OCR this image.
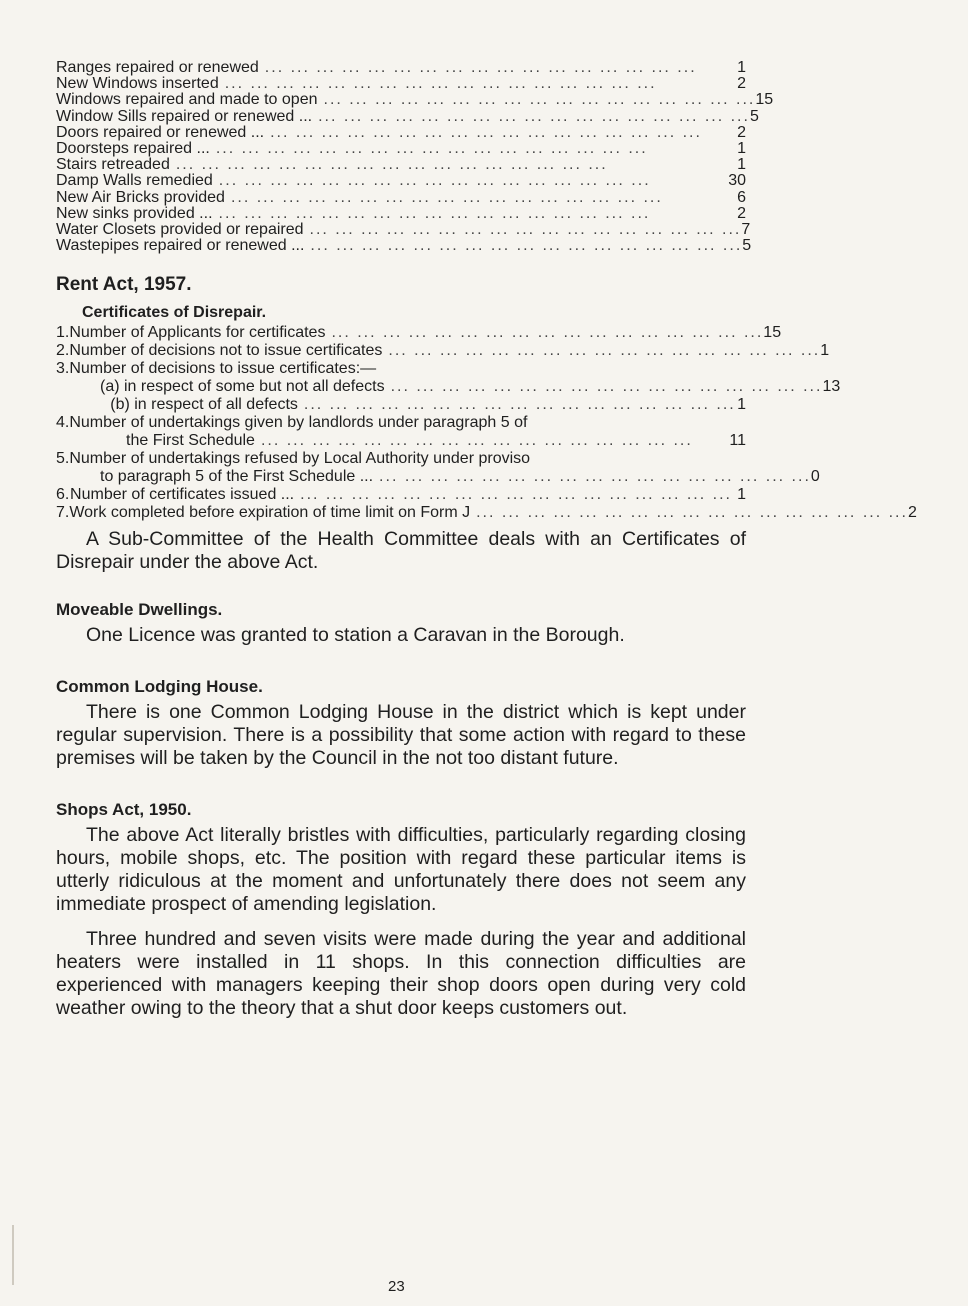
Ranges repaired or renewed ... ... ... ... ... ... ... ... ... ... ... ... ... ... ... ... ...	1
New Windows inserted ... ... ... ... ... ... ... ... ... ... ... ... ... ... ... ... ...	2
Windows repaired and made to open ... ... ... ... ... ... ... ... ... ... ... ... ... ... ... ... ... 15
Window Sills repaired or renewed ... ... ... ... ... ... ... ... ... ... ... ... ... ... ... ... ... ... 5
Doors repaired or renewed ... ... ... ... ... ... ... ... ... ... ... ... ... ... ... ... ... ...	2
Doorsteps repaired ... ... ... ... ... ... ... ... ... ... ... ... ... ... ... ... ... ...	1
Stairs retreaded ... ... ... ... ... ... ... ... ... ... ... ... ... ... ... ... ...	1
Damp Walls remedied ... ... ... ... ... ... ... ... ... ... ... ... ... ... ... ... ...	30
New Air Bricks provided ... ... ... ... ... ... ... ... ... ... ... ... ... ... ... ... ...	6
New sinks provided ... ... ... ... ... ... ... ... ... ... ... ... ... ... ... ... ... ...	2
Water Closets provided or repaired ... ... ... ... ... ... ... ... ... ... ... ... ... ... ... ... ... 7
Wastepipes repaired or renewed ... ... ... ... ... ... ... ... ... ... ... ... ... ... ... ... ... ... 5
Rent Act, 1957.
Certificates of Disrepair.
1. Number of Applicants for certificates ... ... ... ... ... ... ... ... ... ... ... ... ... ... ... ... ... 15
2. Number of decisions not to issue certificates ... ... ... ... ... ... ... ... ... ... ... ... ... ... ... ... ... 1
3. Number of decisions to issue certificates:—
(a) in respect of some but not all defects ... ... ... ... ... ... ... ... ... ... ... ... ... ... ... ... ... 13
(b) in respect of all defects ... ... ... ... ... ... ... ... ... ... ... ... ... ... ... ... ... 1
4. Number of undertakings given by landlords under paragraph 5 of
the First Schedule ... ... ... ... ... ... ... ... ... ... ... ... ... ... ... ... ...	11
5. Number of undertakings refused by Local Authority under proviso
to paragraph 5 of the First Schedule ... ... ... ... ... ... ... ... ... ... ... ... ... ... ... ... ... ... 0
6. Number of certificates issued ... ... ... ... ... ... ... ... ... ... ... ... ... ... ... ... ... ... 1
7. Work completed before expiration of time limit on Form J ... ... ... ... ... ... ... ... ... ... ... ... ... ... ... ... ... 2

A Sub-Committee of the Health Committee deals with an Certificates of Disrepair under the above Act.

Moveable Dwellings.

One Licence was granted to station a Caravan in the Borough.

Common Lodging House.

There is one Common Lodging House in the district which is kept under regular supervision. There is a possibility that some action with regard to these premises will be taken by the Council in the not too distant future.

Shops Act, 1950.

The above Act literally bristles with difficulties, particularly regarding closing hours, mobile shops, etc. The position with regard these particular items is utterly ridiculous at the moment and unfortunately there does not seem any immediate prospect of amending legislation.

Three hundred and seven visits were made during the year and additional heaters were installed in 11 shops. In this connection difficulties are experienced with managers keeping their shop doors open during very cold weather owing to the theory that a shut door keeps customers out.

23
